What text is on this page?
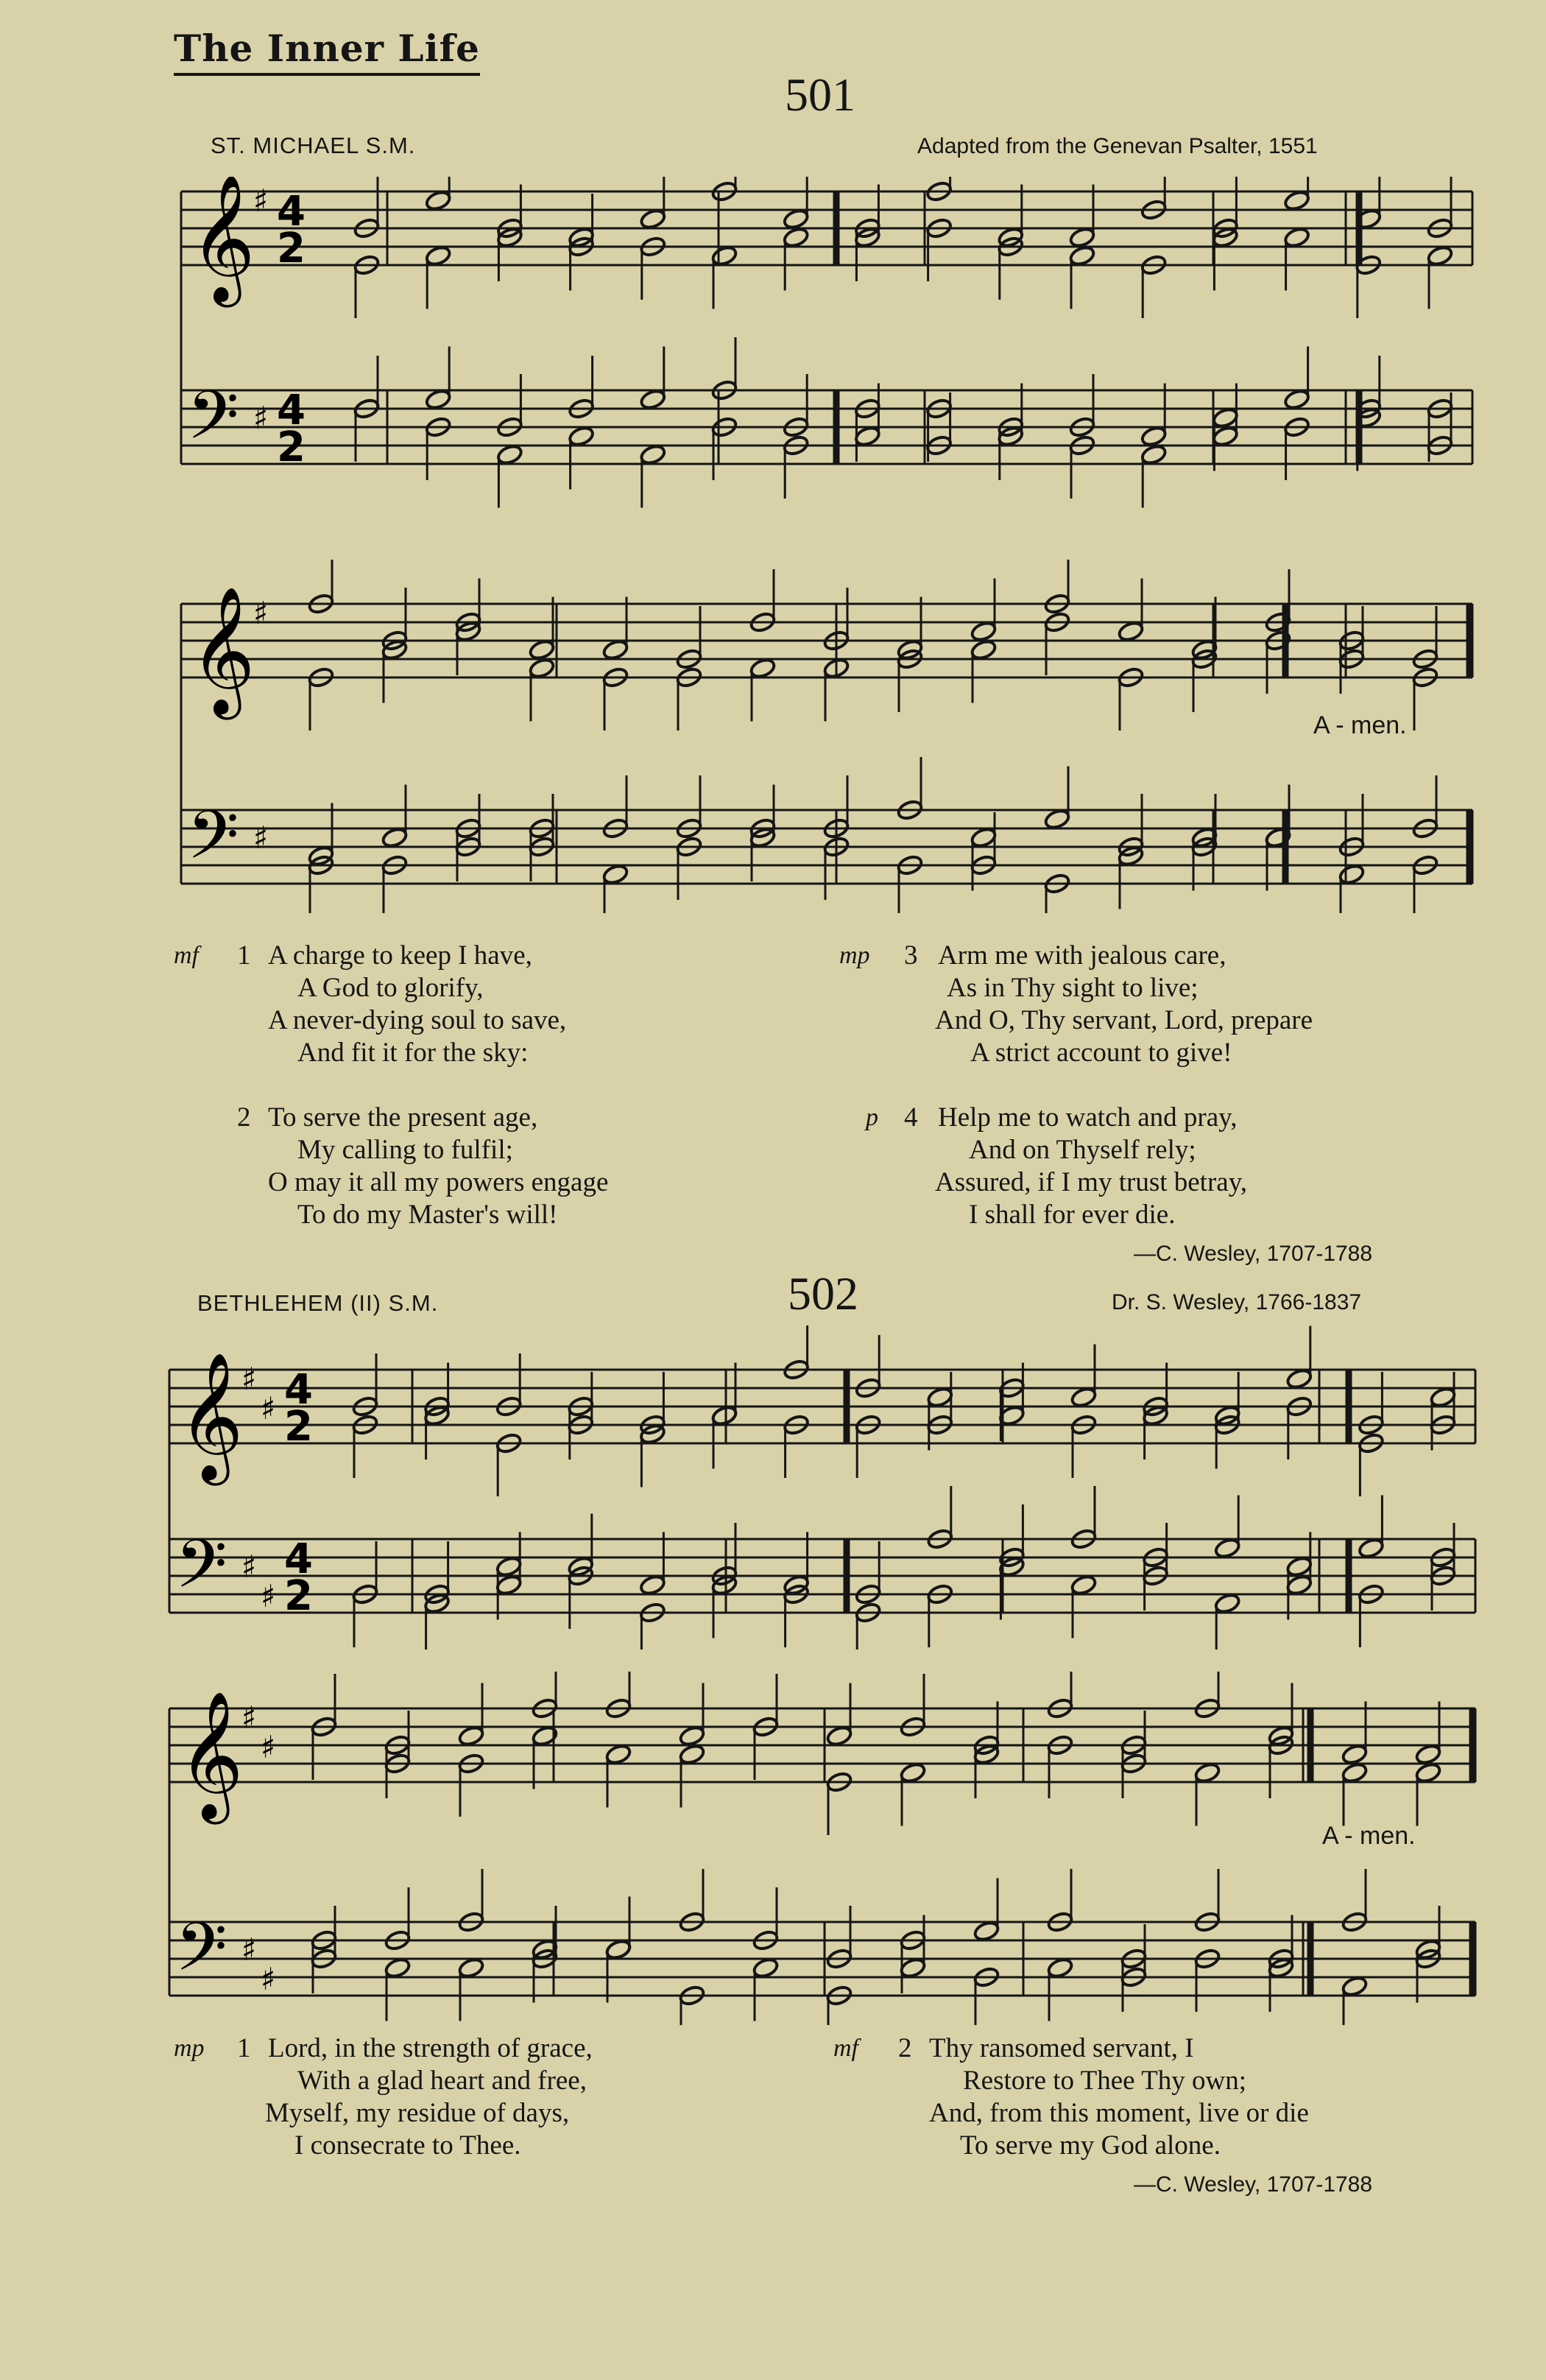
The Inner Life
501
ST. MICHAEL S.M.	Adapted from the Genevan Psalter, 1551
𝄞
𝄢
♯
♯
4
2
4
2
𝄞
𝄢
♯
♯
A - men.
mf 1 A charge to keep I have,
A God to glorify,
A never-dying soul to save,
And fit it for the sky:
mp 3 Arm me with jealous care,
As in Thy sight to live;
And O, Thy servant, Lord, prepare
A strict account to give!
2 To serve the present age,
My calling to fulfil;
O may it all my powers engage
To do my Master's will!
p 4 Help me to watch and pray,
And on Thyself rely;
Assured, if I my trust betray,
I shall for ever die.
—C. Wesley, 1707-1788
BETHLEHEM (II) S.M.	502	Dr. S. Wesley, 1766-1837
𝄞
𝄢
♯
♯
♯
♯
4
2
4
2
𝄞
𝄢
♯
♯
♯
♯
A - men.
mp 1 Lord, in the strength of grace,
With a glad heart and free,
Myself, my residue of days,
I consecrate to Thee.
mf 2 Thy ransomed servant, I
Restore to Thee Thy own;
And, from this moment, live or die
To serve my God alone.
—C. Wesley, 1707-1788
